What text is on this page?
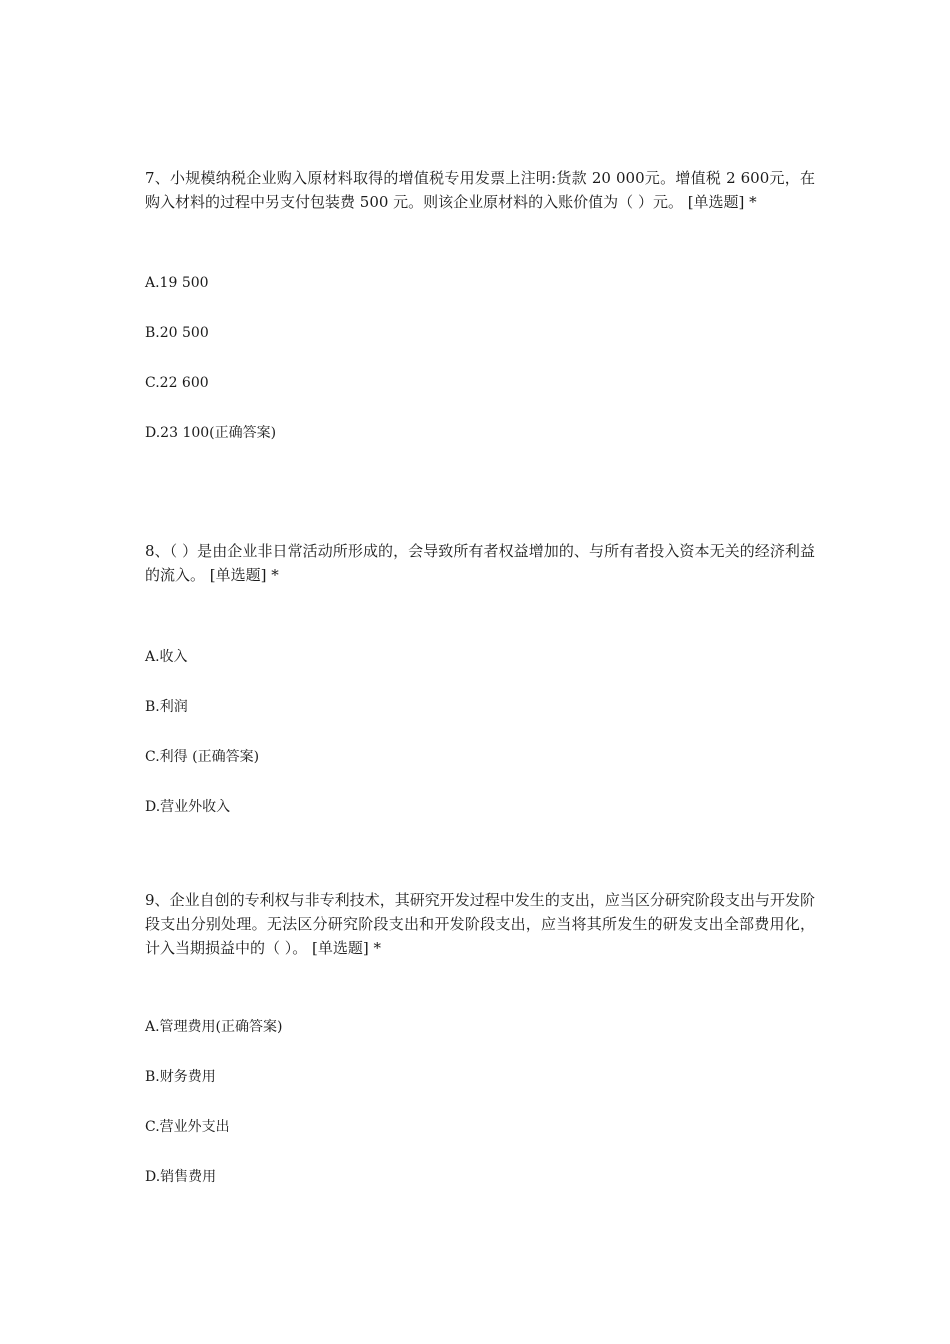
7、小规模纳税企业购入原材料取得的增值税专用发票上注明:货款 20 000元。增值税 2 600元，在购入材料的过程中另支付包装费 500 元。则该企业原材料的入账价值为（ ）元。 [单选题] *

A.19 500
B.20 500
C.22 600
D.23 100(正确答案)

8、（ ）是由企业非日常活动所形成的，会导致所有者权益增加的、与所有者投入资本无关的经济利益的流入。 [单选题] *

A.收入
B.利润
C.利得 (正确答案)
D.营业外收入

9、企业自创的专利权与非专利技术，其研究开发过程中发生的支出，应当区分研究阶段支出与开发阶段支出分别处理。无法区分研究阶段支出和开发阶段支出，应当将其所发生的研发支出全部费用化，计入当期损益中的（ ）。 [单选题] *

A.管理费用(正确答案)
B.财务费用
C.营业外支出
D.销售费用
